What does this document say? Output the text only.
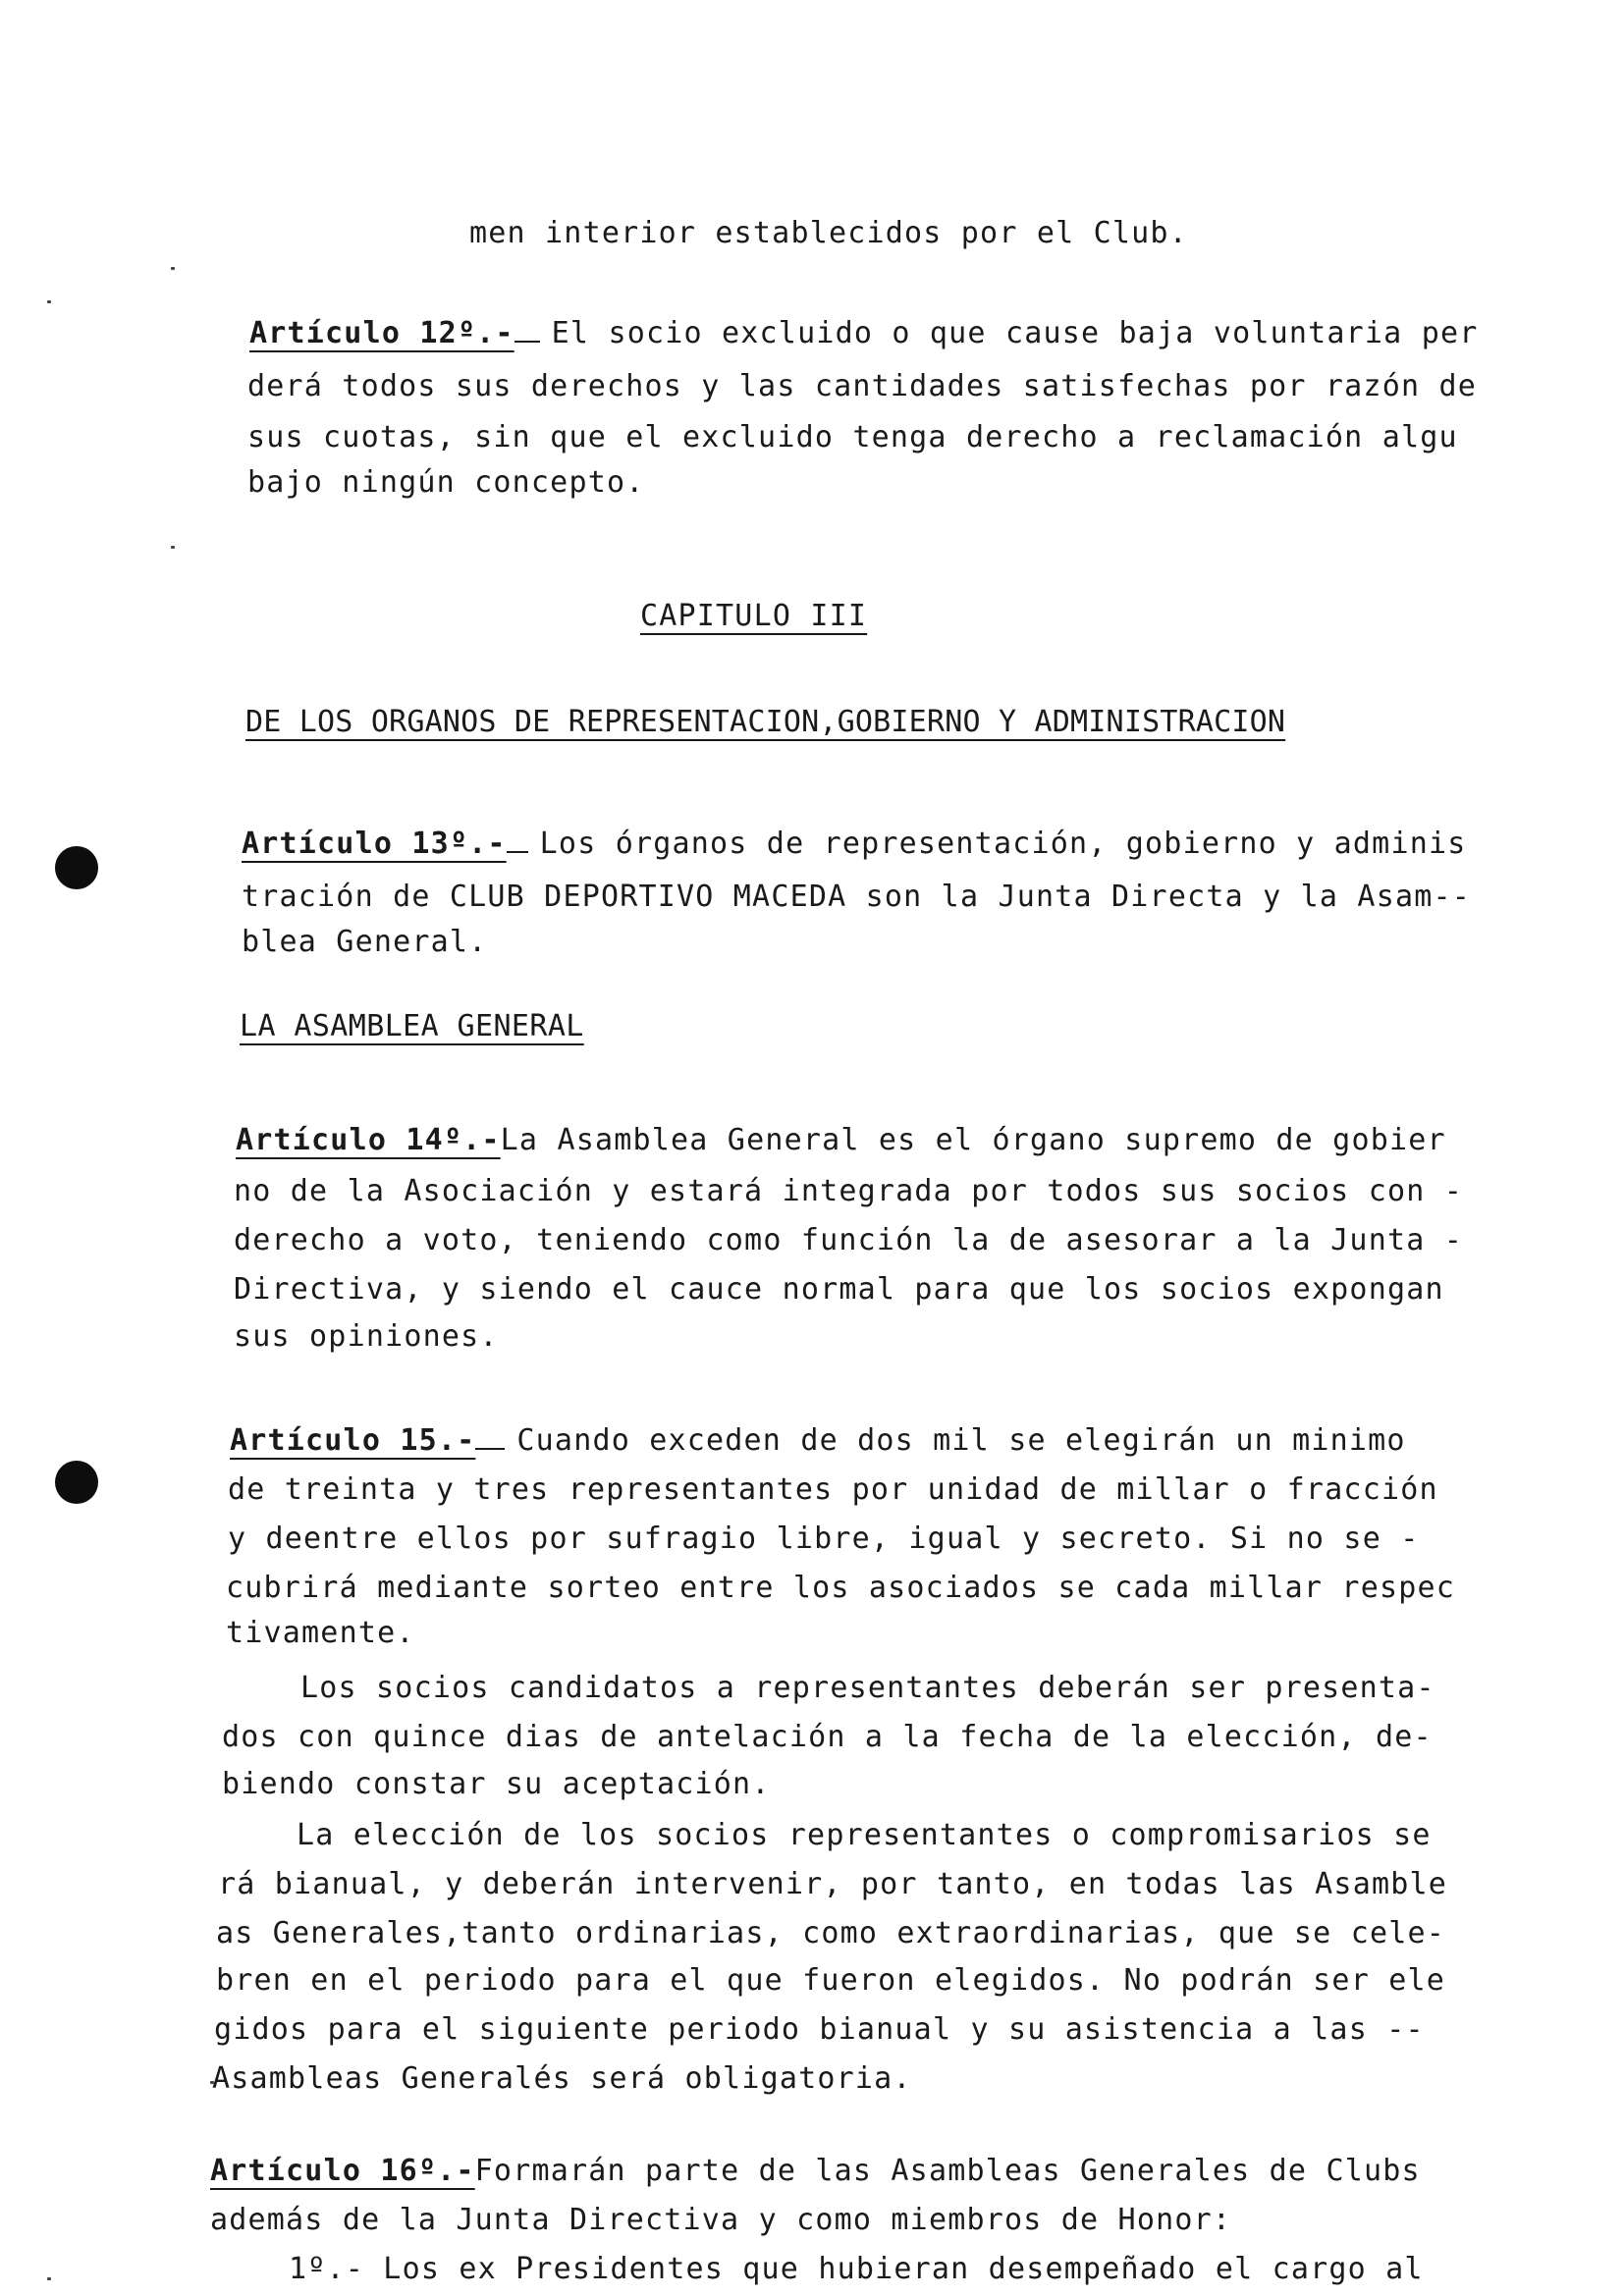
men interior establecidos por el Club.
Artículo 12º.- El socio excluido o que cause baja voluntaria per
derá todos sus derechos y las cantidades satisfechas por razón de
sus cuotas, sin que el excluido tenga derecho a reclamación algu
bajo ningún concepto.
CAPITULO III
DE LOS ORGANOS DE REPRESENTACION,GOBIERNO Y ADMINISTRACION
Artículo 13º.- Los órganos de representación, gobierno y adminis
tración de CLUB DEPORTIVO MACEDA son la Junta Directa y la Asam--
blea General.
LA ASAMBLEA GENERAL
Artículo 14º.-La Asamblea General es el órgano supremo de gobier
no de la Asociación y estará integrada por todos sus socios con -
derecho a voto, teniendo como función la de asesorar a la Junta -
Directiva, y siendo el cauce normal para que los socios expongan
sus opiniones.
Artículo 15.- Cuando exceden de dos mil se elegirán un minimo
de treinta y tres representantes por unidad de millar o fracción
y deentre ellos por sufragio libre, igual y secreto. Si no se -
cubrirá mediante sorteo entre los asociados se cada millar respec
tivamente.
Los socios candidatos a representantes deberán ser presenta-
dos con quince dias de antelación a la fecha de la elección, de-
biendo constar su aceptación.
La elección de los socios representantes o compromisarios se
rá bianual, y deberán intervenir, por tanto, en todas las Asamble
as Generales,tanto ordinarias, como extraordinarias, que se cele-
bren en el periodo para el que fueron elegidos. No podrán ser ele
gidos para el siguiente periodo bianual y su asistencia a las --
Asambleas Generalés será obligatoria.
Artículo 16º.-Formarán parte de las Asambleas Generales de Clubs
además de la Junta Directiva y como miembros de Honor:
1º.- Los ex Presidentes que hubieran desempeñado el cargo al
